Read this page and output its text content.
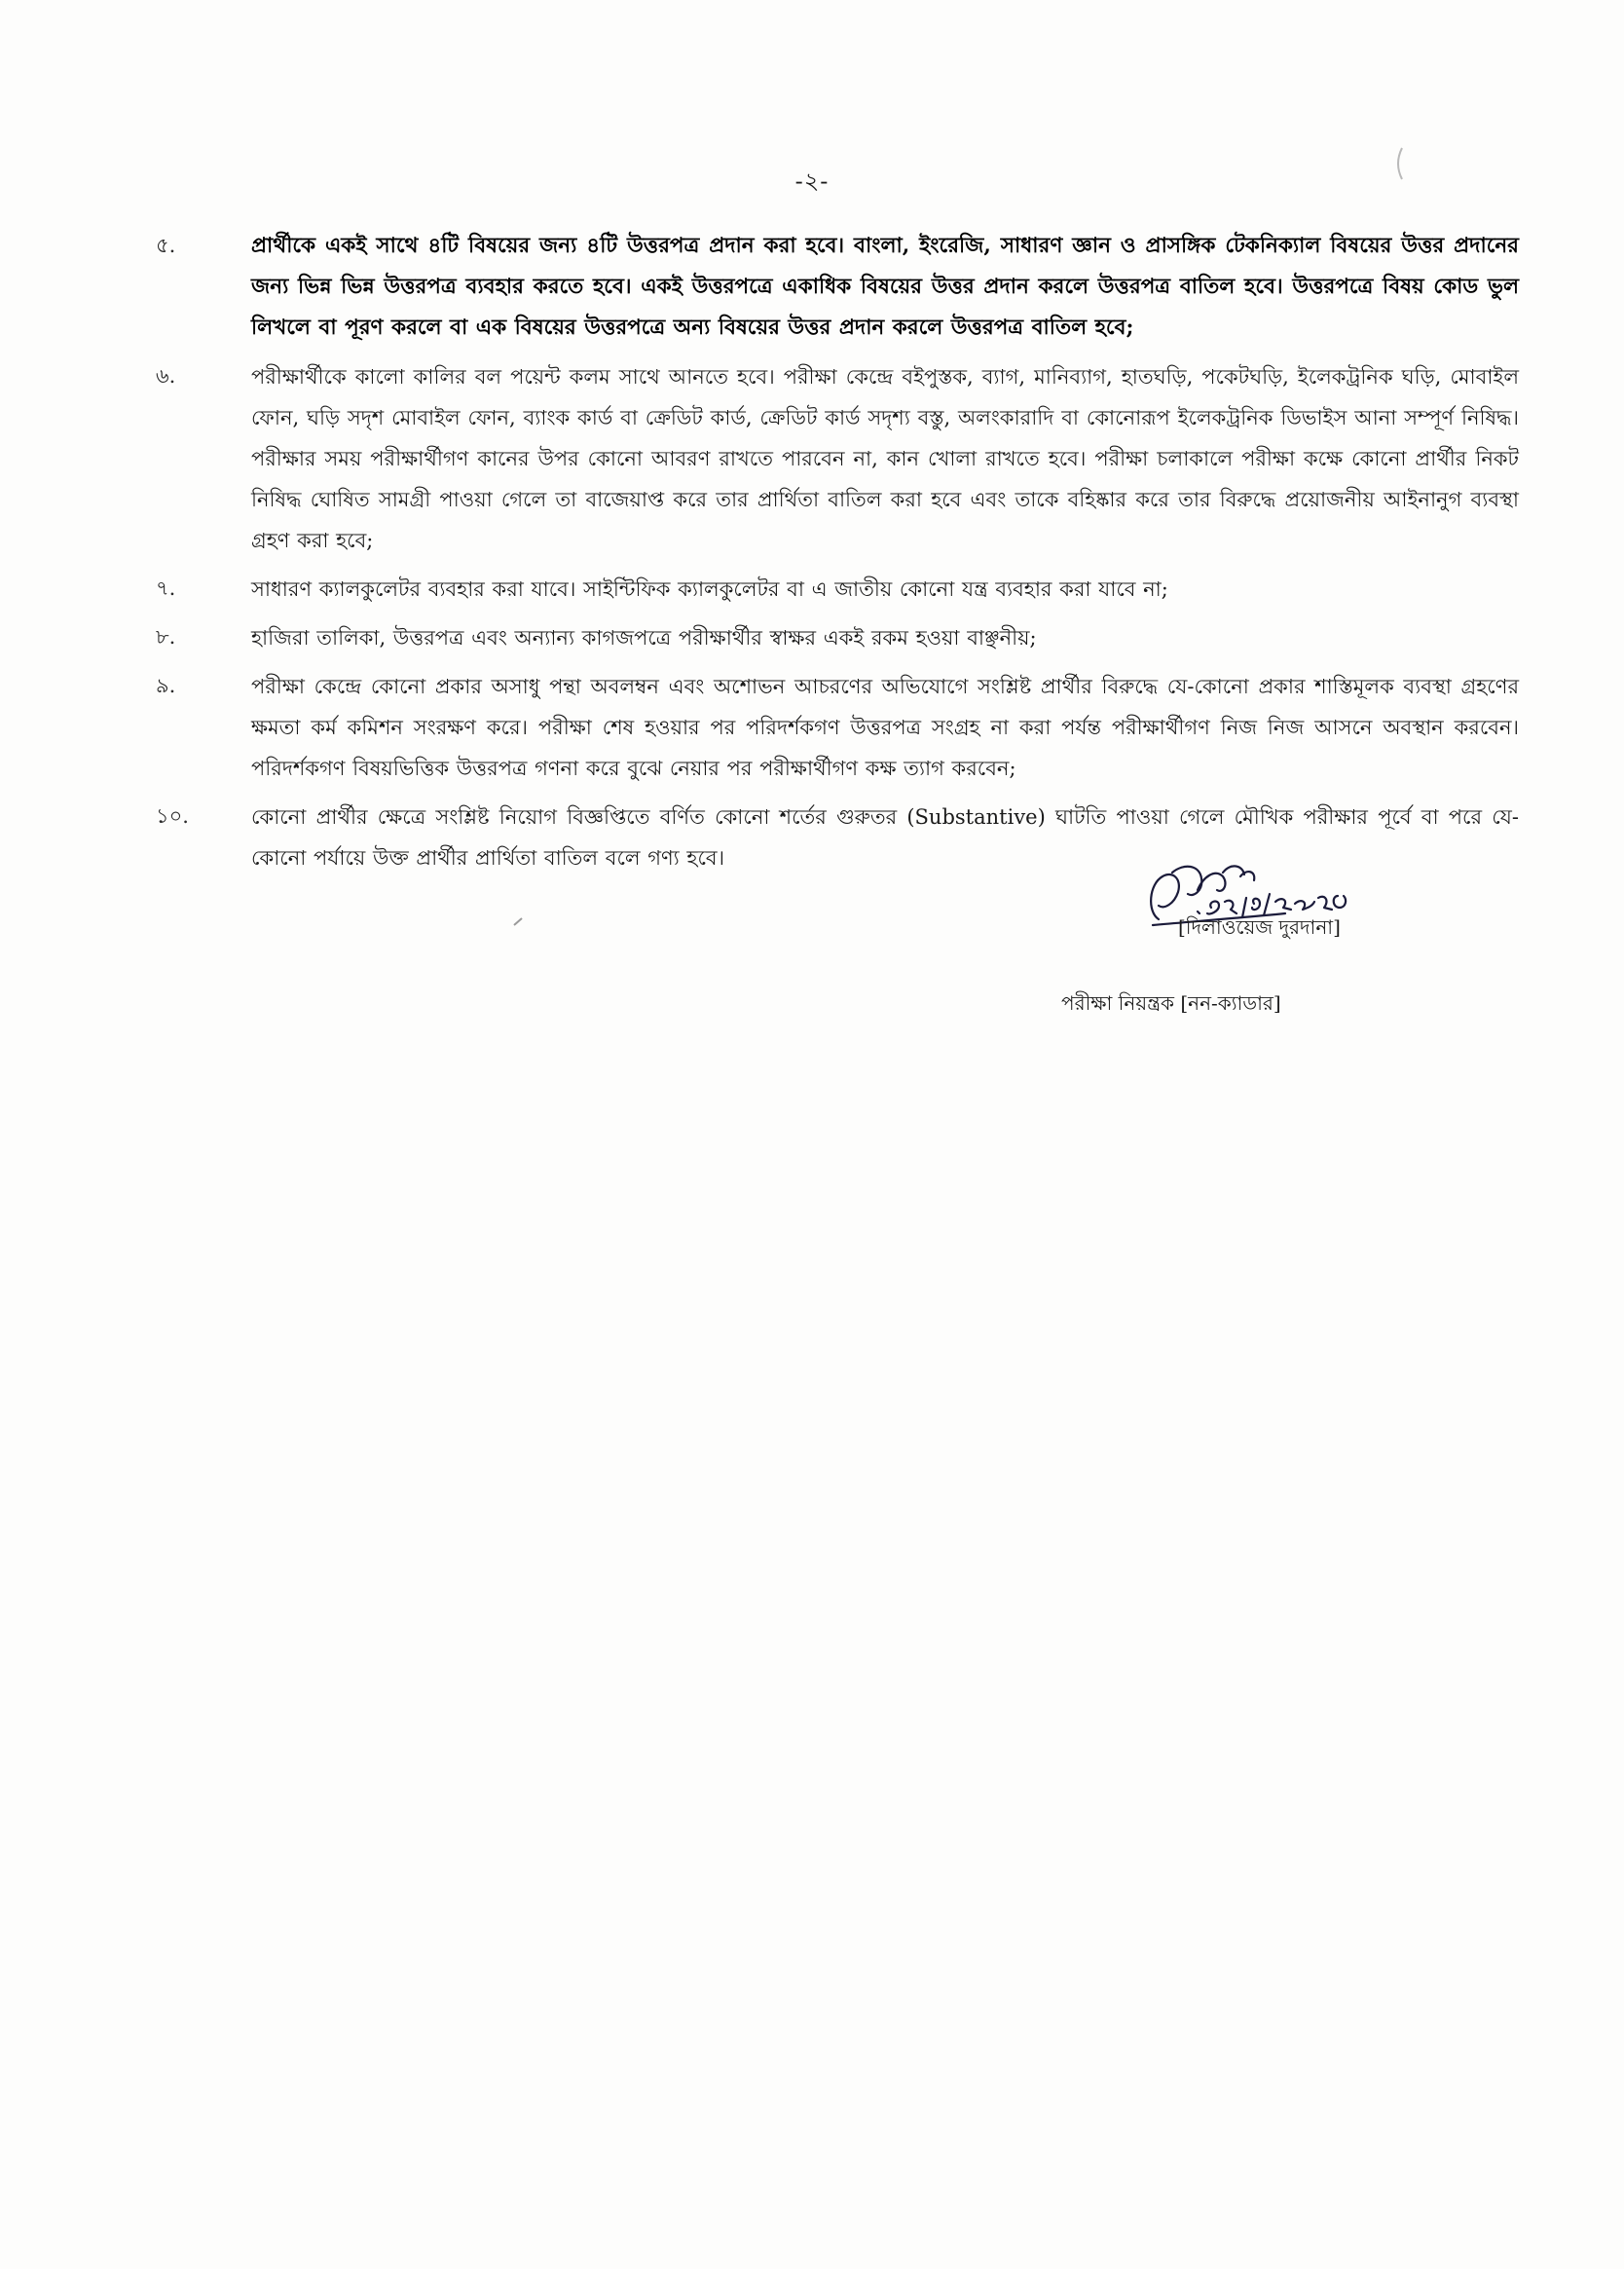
-২-
৫.	প্রার্থীকে একই সাথে ৪টি বিষয়ের জন্য ৪টি উত্তরপত্র প্রদান করা হবে। বাংলা, ইংরেজি, সাধারণ জ্ঞান ও প্রাসঙ্গিক টেকনিক্যাল বিষয়ের উত্তর প্রদানের জন্য ভিন্ন ভিন্ন উত্তরপত্র ব্যবহার করতে হবে। একই উত্তরপত্রে একাধিক বিষয়ের উত্তর প্রদান করলে উত্তরপত্র বাতিল হবে। উত্তরপত্রে বিষয় কোড ভুল লিখলে বা পূরণ করলে বা এক বিষয়ের উত্তরপত্রে অন্য বিষয়ের উত্তর প্রদান করলে উত্তরপত্র বাতিল হবে;
৬.	পরীক্ষার্থীকে কালো কালির বল পয়েন্ট কলম সাথে আনতে হবে। পরীক্ষা কেন্দ্রে বইপুস্তক, ব্যাগ, মানিব্যাগ, হাতঘড়ি, পকেটঘড়ি, ইলেকট্রনিক ঘড়ি, মোবাইল ফোন, ঘড়ি সদৃশ মোবাইল ফোন, ব্যাংক কার্ড বা ক্রেডিট কার্ড, ক্রেডিট কার্ড সদৃশ্য বস্তু, অলংকারাদি বা কোনোরূপ ইলেকট্রনিক ডিভাইস আনা সম্পূর্ণ নিষিদ্ধ। পরীক্ষার সময় পরীক্ষার্থীগণ কানের উপর কোনো আবরণ রাখতে পারবেন না, কান খোলা রাখতে হবে। পরীক্ষা চলাকালে পরীক্ষা কক্ষে কোনো প্রার্থীর নিকট নিষিদ্ধ ঘোষিত সামগ্রী পাওয়া গেলে তা বাজেয়াপ্ত করে তার প্রার্থিতা বাতিল করা হবে এবং তাকে বহিষ্কার করে তার বিরুদ্ধে প্রয়োজনীয় আইনানুগ ব্যবস্থা গ্রহণ করা হবে;
৭.	সাধারণ ক্যালকুলেটর ব্যবহার করা যাবে। সাইন্টিফিক ক্যালকুলেটর বা এ জাতীয় কোনো যন্ত্র ব্যবহার করা যাবে না;
৮.	হাজিরা তালিকা, উত্তরপত্র এবং অন্যান্য কাগজপত্রে পরীক্ষার্থীর স্বাক্ষর একই রকম হওয়া বাঞ্ছনীয়;
৯.	পরীক্ষা কেন্দ্রে কোনো প্রকার অসাধু পন্থা অবলম্বন এবং অশোভন আচরণের অভিযোগে সংশ্লিষ্ট প্রার্থীর বিরুদ্ধে যে-কোনো প্রকার শাস্তিমূলক ব্যবস্থা গ্রহণের ক্ষমতা কর্ম কমিশন সংরক্ষণ করে। পরীক্ষা শেষ হওয়ার পর পরিদর্শকগণ উত্তরপত্র সংগ্রহ না করা পর্যন্ত পরীক্ষার্থীগণ নিজ নিজ আসনে অবস্থান করবেন। পরিদর্শকগণ বিষয়ভিত্তিক উত্তরপত্র গণনা করে বুঝে নেয়ার পর পরীক্ষার্থীগণ কক্ষ ত্যাগ করবেন;
১০.	কোনো প্রার্থীর ক্ষেত্রে সংশ্লিষ্ট নিয়োগ বিজ্ঞপ্তিতে বর্ণিত কোনো শর্তের গুরুতর (Substantive) ঘাটতি পাওয়া গেলে মৌখিক পরীক্ষার পূর্বে বা পরে যে-কোনো পর্যায়ে উক্ত প্রার্থীর প্রার্থিতা বাতিল বলে গণ্য হবে।
[দিলাওয়েজ দুরদানা]
পরীক্ষা নিয়ন্ত্রক [নন-ক্যাডার]
